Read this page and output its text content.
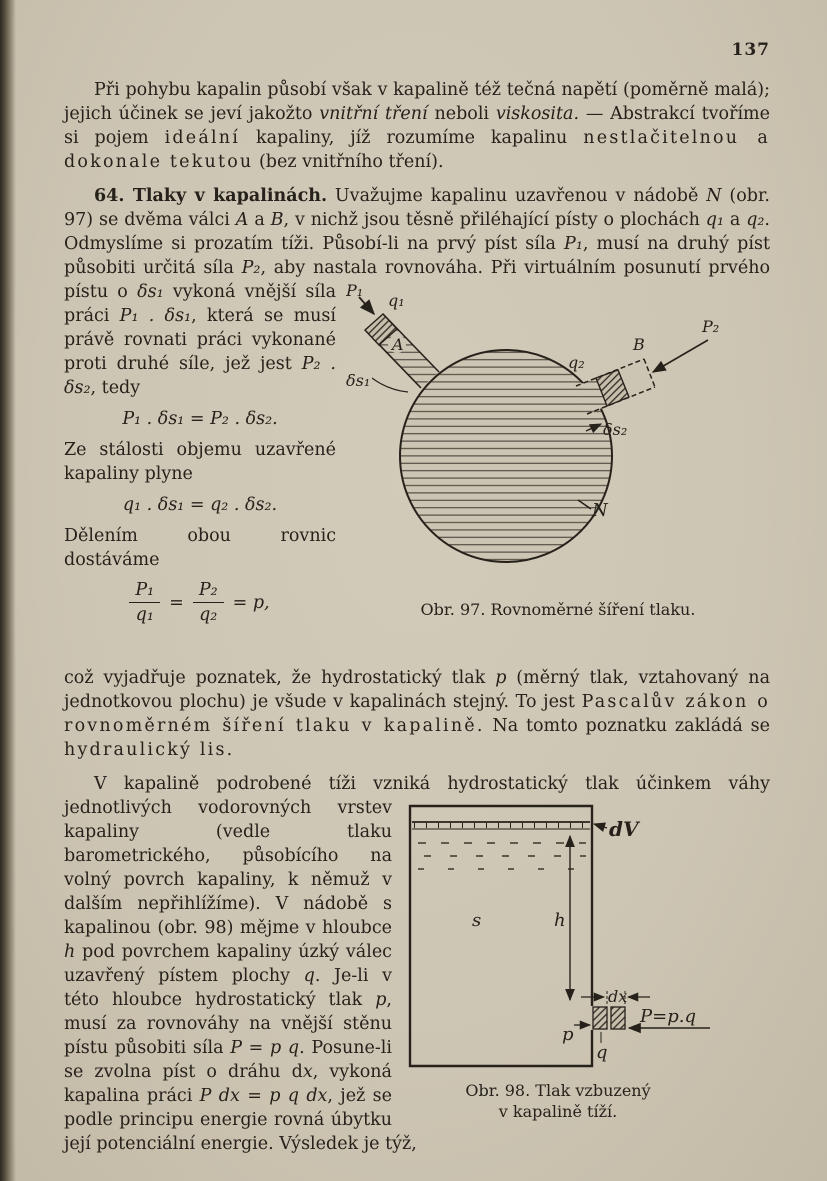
137

Při pohybu kapalin působí však v kapalině též tečná napětí (poměrně malá); jejich účinek se jeví jakožto vnitřní tření neboli viskosita. — Abstrakcí tvoříme si pojem ideální kapaliny, jíž rozumíme kapalinu nestlačitelnou a dokonale tekutou (bez vnitřního tření).

64. Tlaky v kapalinách. Uvažujme kapalinu uzavřenou v nádobě N (obr. 97) se dvěma válci A a B, v nichž jsou těsně přiléhající písty o plochách q₁ a q₂. Odmyslíme si prozatím tíži. Působí-li na prvý píst síla P₁, musí na druhý píst působiti určitá síla P₂, aby nastala rovnováha. Při
P₁
q₁
A
δs₁
q₂
B
P₂
δs₂
N
Obr. 97. Rovnoměrné šíření tlaku.
virtuálním posunutí prvého pístu o δs₁ vykoná vnější síla práci P₁ . δs₁, která se musí právě rovnati práci vykonané proti druhé síle, jež jest P₂ . δs₂, tedy

P₁ . δs₁ = P₂ . δs₂.

Ze stálosti objemu uzavřené kapaliny plyne

q₁ . δs₁ = q₂ . δs₂.

Dělením obou rovnic dostáváme

$\frac{\text{P₁}}{\text{q₁}} = \frac{\text{P₂}}{\text{q₂}} = p$,

což vyjadřuje poznatek, že hydrostatický tlak p (měrný tlak, vztahovaný na jednotkovou plochu) je všude v kapalinách stejný. To jest Pascalův zákon o rovnoměrném šíření tlaku v kapalině. Na tomto poznatku zakládá se hydraulický lis.

V kapalině podrobené tíži vzniká hydrostatický tlak účinkem váhy
dV
h
s
dx
p
q
P=p.q
Obr. 98. Tlak vzbuzený
v kapalině tíží.
jednotlivých vodorovných vrstev kapaliny (vedle tlaku barometrického, působícího na volný povrch kapaliny, k němuž v dalším nepřihlížíme). V nádobě s kapalinou (obr. 98) mějme v hloubce h pod povrchem kapaliny úzký válec uzavřený pístem plochy q. Je-li v této hloubce hydrostatický tlak p, musí za rovnováhy na vnější stěnu pístu působiti síla P = p q. Posune-li se zvolna píst o dráhu dx, vykoná kapalina práci P dx = p q dx, jež se podle principu energie rovná úbytku její potenciální energie. Výsledek je týž,
